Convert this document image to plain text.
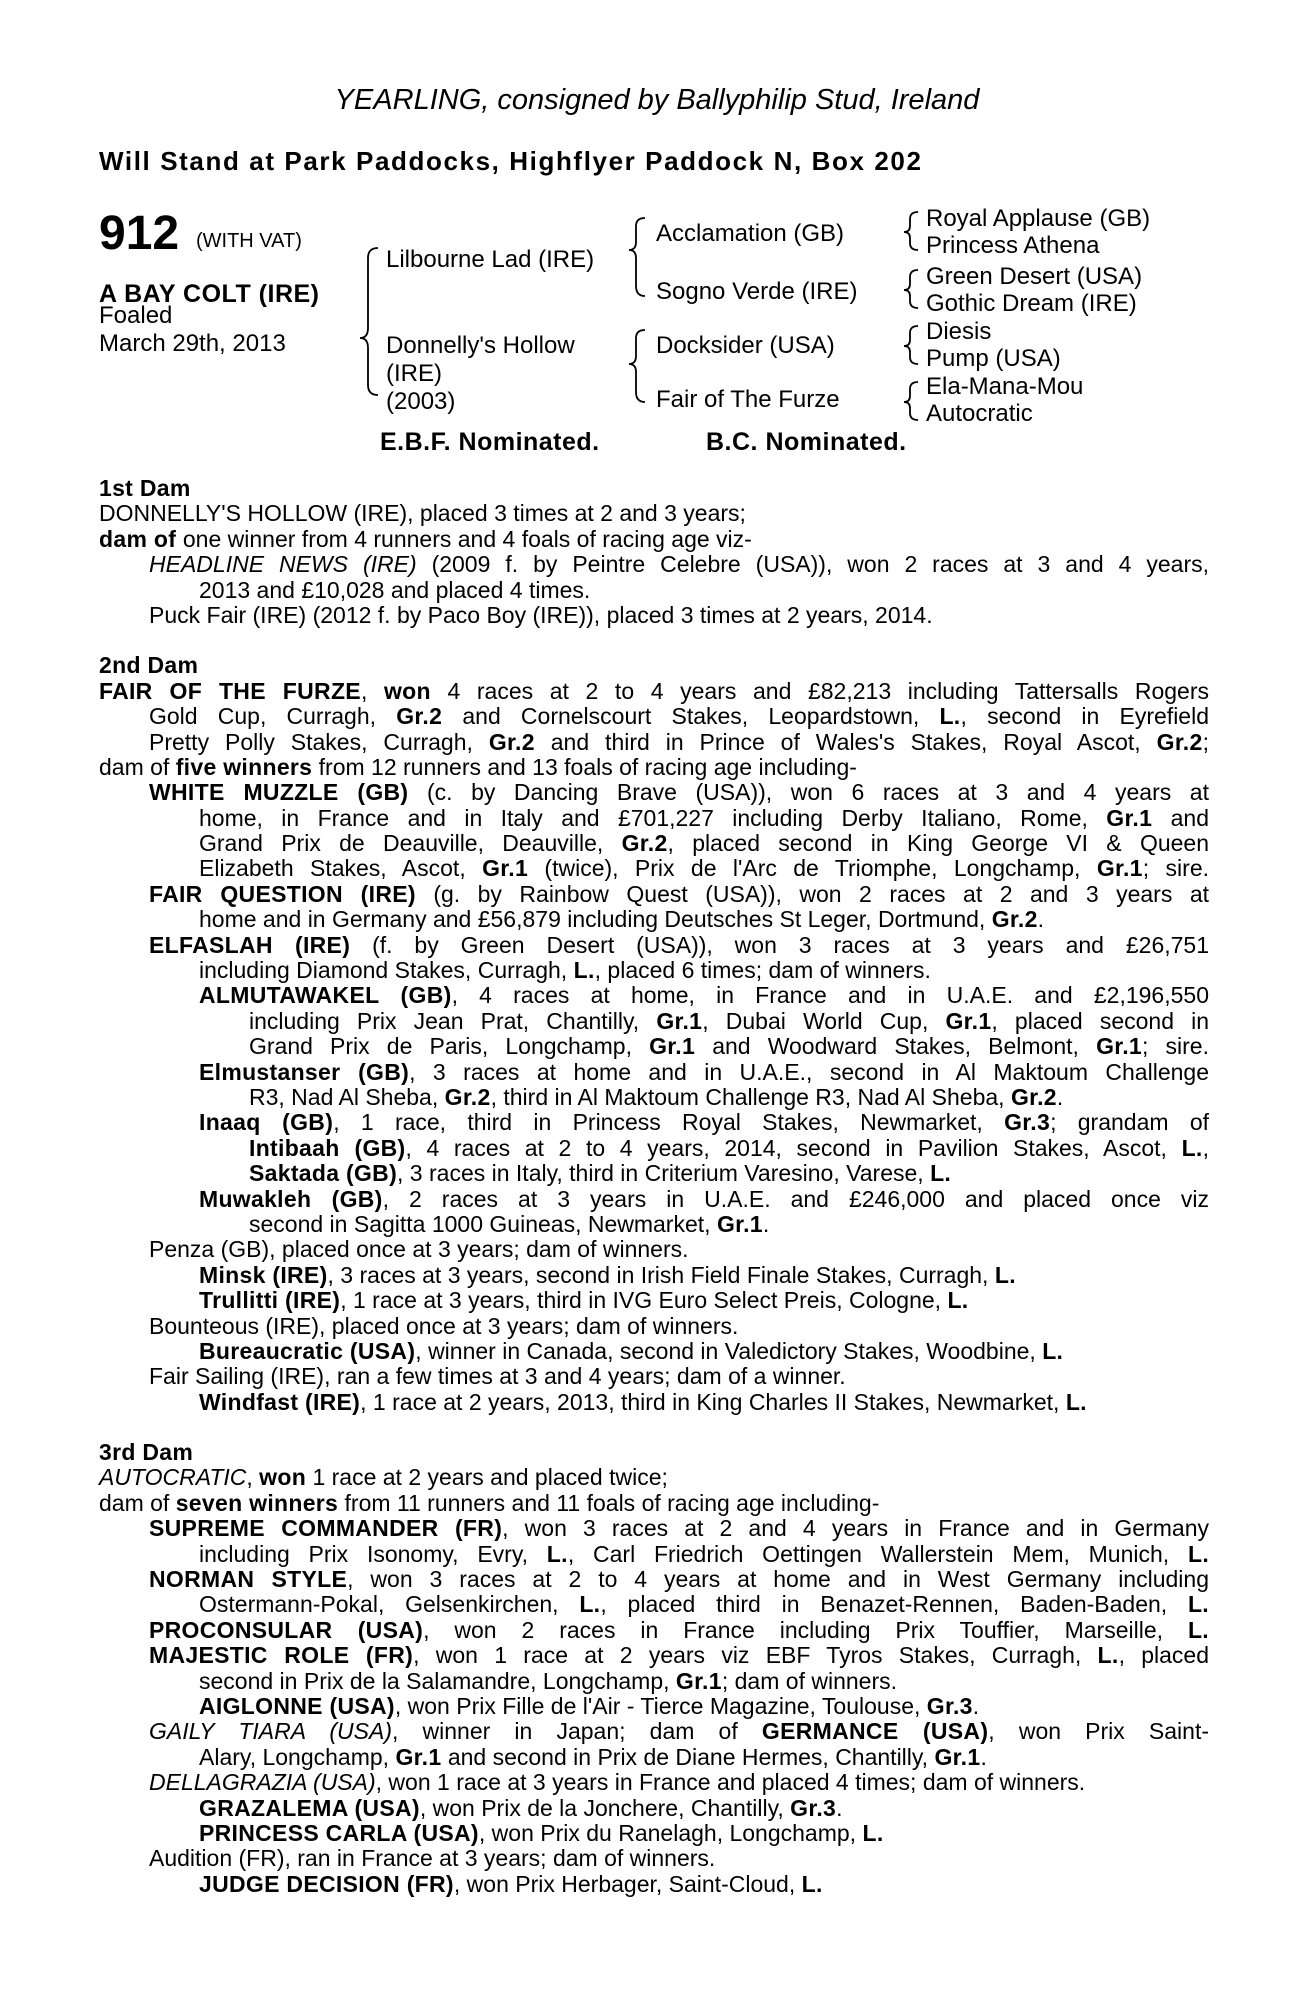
YEARLING, consigned by Ballyphilip Stud, Ireland
Will Stand at Park Paddocks, Highflyer Paddock N, Box 202
912 (WITH VAT)
A BAY COLT (IRE)
Foaled
March 29th, 2013
Lilbourne Lad (IRE)
Donnelly's Hollow
(IRE)
(2003)
Acclamation (GB)
Sogno Verde (IRE)
Docksider (USA)
Fair of The Furze
Royal Applause (GB)
Princess Athena
Green Desert (USA)
Gothic Dream (IRE)
Diesis
Pump (USA)
Ela-Mana-Mou
Autocratic
E.B.F. Nominated.	B.C. Nominated.
1st Dam
DONNELLY'S HOLLOW (IRE), placed 3 times at 2 and 3 years;
dam of one winner from 4 runners and 4 foals of racing age viz-
HEADLINE NEWS (IRE) (2009 f. by Peintre Celebre (USA)), won 2 races at 3 and 4 years,
2013 and £10,028 and placed 4 times.
Puck Fair (IRE) (2012 f. by Paco Boy (IRE)), placed 3 times at 2 years, 2014.
2nd Dam
FAIR OF THE FURZE, won 4 races at 2 to 4 years and £82,213 including Tattersalls Rogers
Gold Cup, Curragh, Gr.2 and Cornelscourt Stakes, Leopardstown, L., second in Eyrefield
Pretty Polly Stakes, Curragh, Gr.2 and third in Prince of Wales's Stakes, Royal Ascot, Gr.2;
dam of five winners from 12 runners and 13 foals of racing age including-
WHITE MUZZLE (GB) (c. by Dancing Brave (USA)), won 6 races at 3 and 4 years at
home, in France and in Italy and £701,227 including Derby Italiano, Rome, Gr.1 and
Grand Prix de Deauville, Deauville, Gr.2, placed second in King George VI & Queen
Elizabeth Stakes, Ascot, Gr.1 (twice), Prix de l'Arc de Triomphe, Longchamp, Gr.1; sire.
FAIR QUESTION (IRE) (g. by Rainbow Quest (USA)), won 2 races at 2 and 3 years at
home and in Germany and £56,879 including Deutsches St Leger, Dortmund, Gr.2.
ELFASLAH (IRE) (f. by Green Desert (USA)), won 3 races at 3 years and £26,751
including Diamond Stakes, Curragh, L., placed 6 times; dam of winners.
ALMUTAWAKEL (GB), 4 races at home, in France and in U.A.E. and £2,196,550
including Prix Jean Prat, Chantilly, Gr.1, Dubai World Cup, Gr.1, placed second in
Grand Prix de Paris, Longchamp, Gr.1 and Woodward Stakes, Belmont, Gr.1; sire.
Elmustanser (GB), 3 races at home and in U.A.E., second in Al Maktoum Challenge
R3, Nad Al Sheba, Gr.2, third in Al Maktoum Challenge R3, Nad Al Sheba, Gr.2.
Inaaq (GB), 1 race, third in Princess Royal Stakes, Newmarket, Gr.3; grandam of
Intibaah (GB), 4 races at 2 to 4 years, 2014, second in Pavilion Stakes, Ascot, L.,
Saktada (GB), 3 races in Italy, third in Criterium Varesino, Varese, L.
Muwakleh (GB), 2 races at 3 years in U.A.E. and £246,000 and placed once viz
second in Sagitta 1000 Guineas, Newmarket, Gr.1.
Penza (GB), placed once at 3 years; dam of winners.
Minsk (IRE), 3 races at 3 years, second in Irish Field Finale Stakes, Curragh, L.
Trullitti (IRE), 1 race at 3 years, third in IVG Euro Select Preis, Cologne, L.
Bounteous (IRE), placed once at 3 years; dam of winners.
Bureaucratic (USA), winner in Canada, second in Valedictory Stakes, Woodbine, L.
Fair Sailing (IRE), ran a few times at 3 and 4 years; dam of a winner.
Windfast (IRE), 1 race at 2 years, 2013, third in King Charles II Stakes, Newmarket, L.
3rd Dam
AUTOCRATIC, won 1 race at 2 years and placed twice;
dam of seven winners from 11 runners and 11 foals of racing age including-
SUPREME COMMANDER (FR), won 3 races at 2 and 4 years in France and in Germany
including Prix Isonomy, Evry, L., Carl Friedrich Oettingen Wallerstein Mem, Munich, L.
NORMAN STYLE, won 3 races at 2 to 4 years at home and in West Germany including
Ostermann-Pokal, Gelsenkirchen, L., placed third in Benazet-Rennen, Baden-Baden, L.
PROCONSULAR (USA), won 2 races in France including Prix Touffier, Marseille, L.
MAJESTIC ROLE (FR), won 1 race at 2 years viz EBF Tyros Stakes, Curragh, L., placed
second in Prix de la Salamandre, Longchamp, Gr.1; dam of winners.
AIGLONNE (USA), won Prix Fille de l'Air - Tierce Magazine, Toulouse, Gr.3.
GAILY TIARA (USA), winner in Japan; dam of GERMANCE (USA), won Prix Saint-
Alary, Longchamp, Gr.1 and second in Prix de Diane Hermes, Chantilly, Gr.1.
DELLAGRAZIA (USA), won 1 race at 3 years in France and placed 4 times; dam of winners.
GRAZALEMA (USA), won Prix de la Jonchere, Chantilly, Gr.3.
PRINCESS CARLA (USA), won Prix du Ranelagh, Longchamp, L.
Audition (FR), ran in France at 3 years; dam of winners.
JUDGE DECISION (FR), won Prix Herbager, Saint-Cloud, L.
